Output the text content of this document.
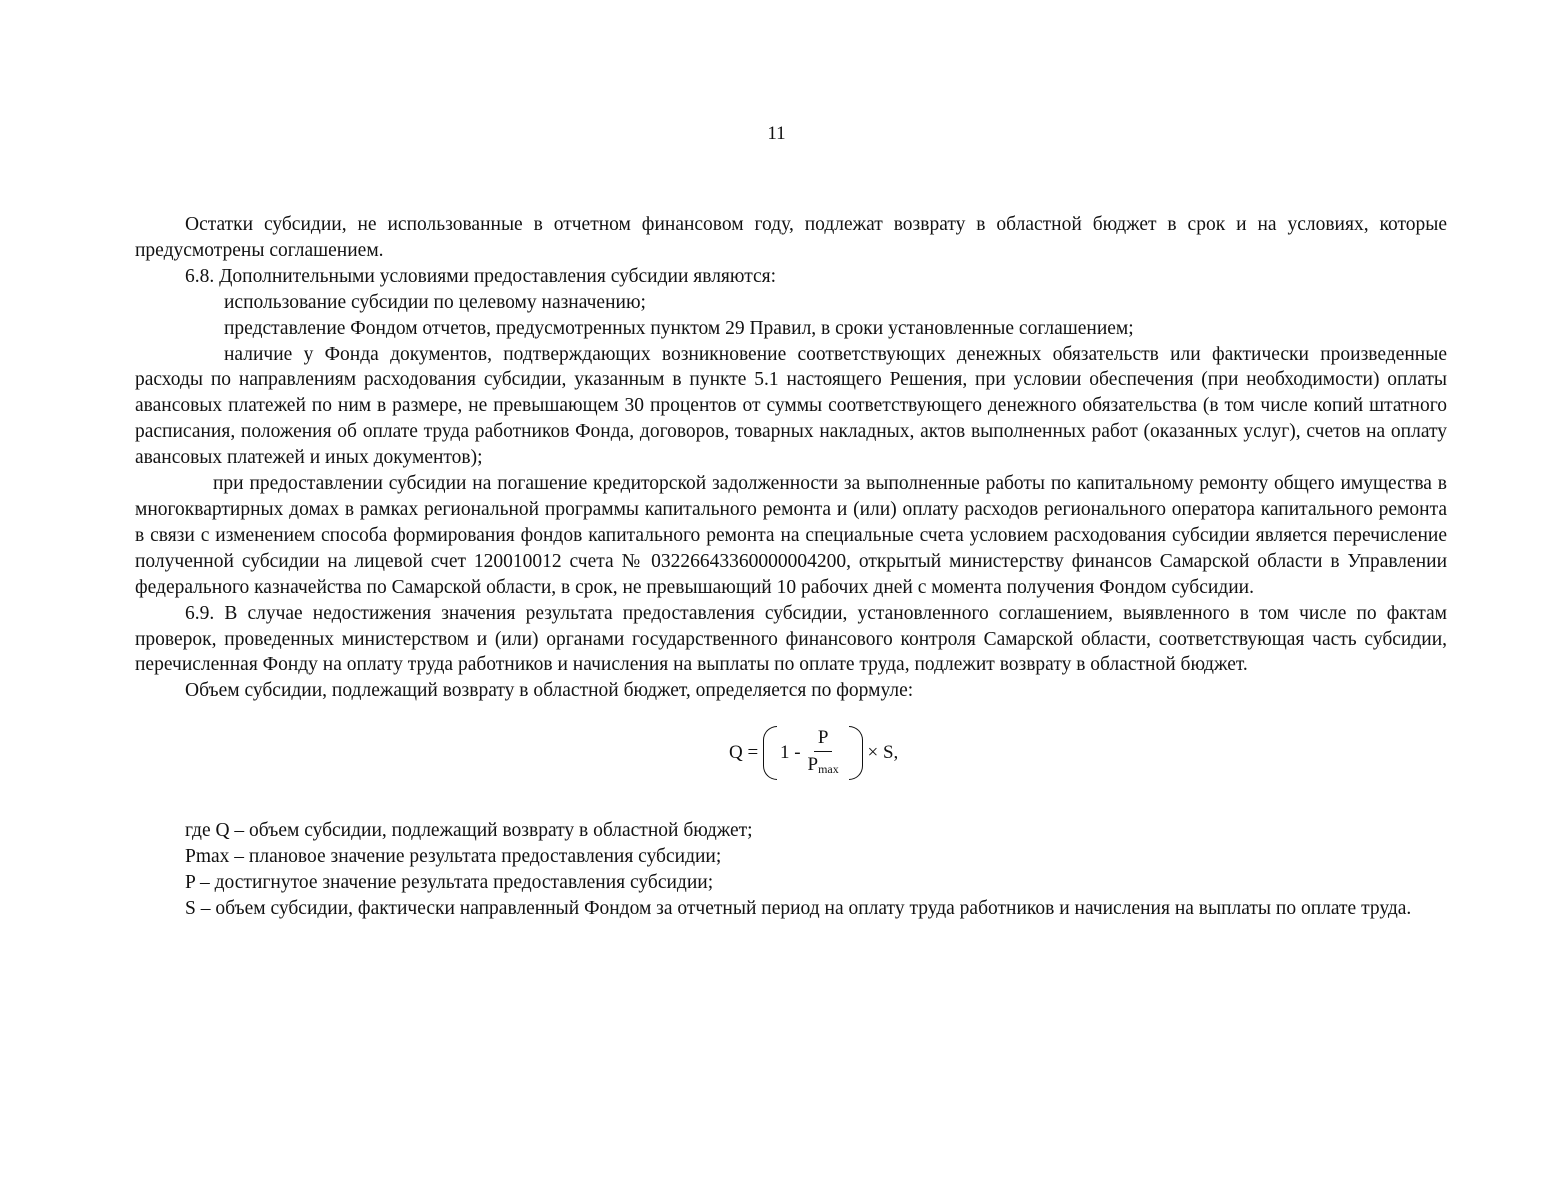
11

Остатки субсидии, не использованные в отчетном финансовом году, подлежат возврату в областной бюджет в срок и на условиях, которые предусмотрены соглашением.

6.8. Дополнительными условиями предоставления субсидии являются:

использование субсидии по целевому назначению;

представление Фондом отчетов, предусмотренных пунктом 29 Правил, в сроки установленные соглашением;

наличие у Фонда документов, подтверждающих возникновение соответствующих денежных обязательств или фактически произведенные расходы по направлениям расходования субсидии, указанным в пункте 5.1 настоящего Решения, при условии обеспечения (при необходимости) оплаты авансовых платежей по ним в размере, не превышающем 30 процентов от суммы соответствующего денежного обязательства (в том числе копий штатного расписания, положения об оплате труда работников Фонда, договоров, товарных накладных, актов выполненных работ (оказанных услуг), счетов на оплату авансовых платежей и иных документов);

при предоставлении субсидии на погашение кредиторской задолженности за выполненные работы по капитальному ремонту общего имущества в многоквартирных домах в рамках региональной программы капитального ремонта и (или) оплату расходов регионального оператора капитального ремонта в связи с изменением способа формирования фондов капитального ремонта на специальные счета условием расходования субсидии является перечисление полученной субсидии на лицевой счет 120010012 счета № 03226643360000004200, открытый министерству финансов Самарской области в Управлении федерального казначейства по Самарской области, в срок, не превышающий 10 рабочих дней с момента получения Фондом субсидии.

6.9. В случае недостижения значения результата предоставления субсидии, установленного соглашением, выявленного в том числе по фактам проверок, проведенных министерством и (или) органами государственного финансового контроля Самарской области, соответствующая часть субсидии, перечисленная Фонду на оплату труда работников и начисления на выплаты по оплате труда, подлежит возврату в областной бюджет.

Объем субсидии, подлежащий возврату в областной бюджет, определяется по формуле:

Q =
$1 - \frac{P}{P_{max}}$
× S,

где Q – объем субсидии, подлежащий возврату в областной бюджет;

Pmax – плановое значение результата предоставления субсидии;

P – достигнутое значение результата предоставления субсидии;

S – объем субсидии, фактически направленный Фондом за отчетный период на оплату труда работников и начисления на выплаты по оплате труда.
